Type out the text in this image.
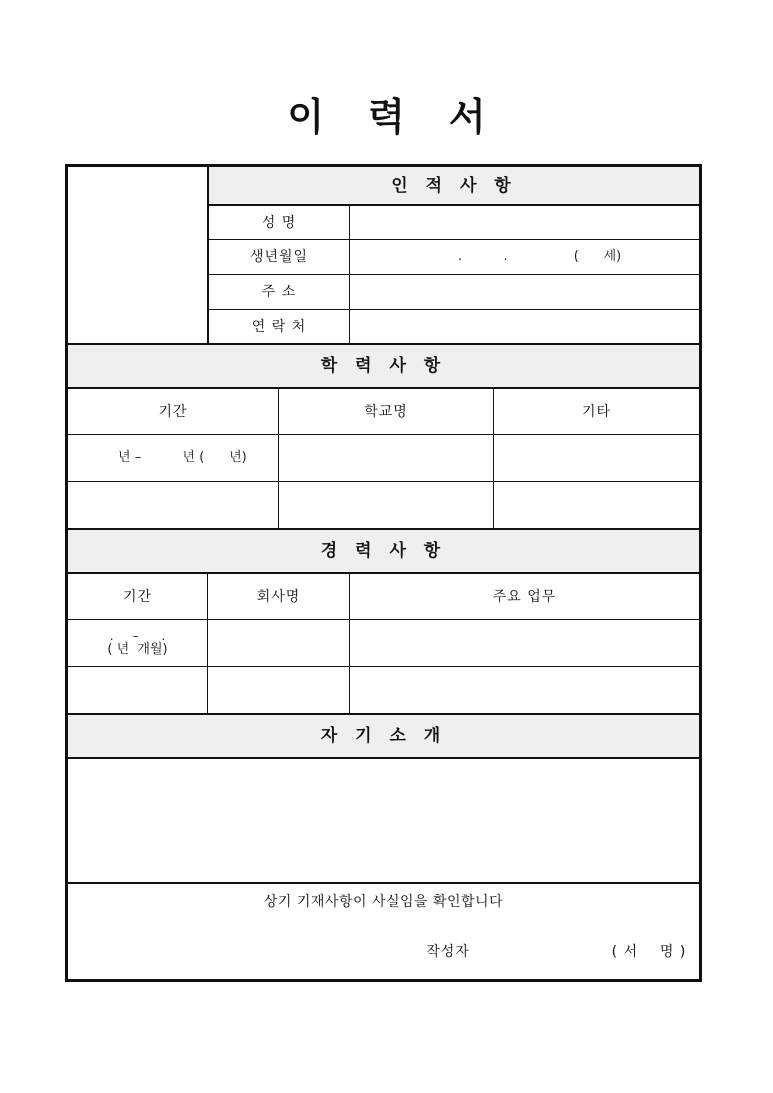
이 력 서
인 적 사 항
성 명
생년월일	.          .                (      세)
주 소
연 락 처
학 력 사 항
기간	학교명	기타
년 –          년 (      년)
경 력 사 항
기간	회사명	주요 업무
.     –      .
( 년  개월)
자 기 소 개
상기 기재사항이 사실임을 확인합니다
작성자	( 서    명 )
